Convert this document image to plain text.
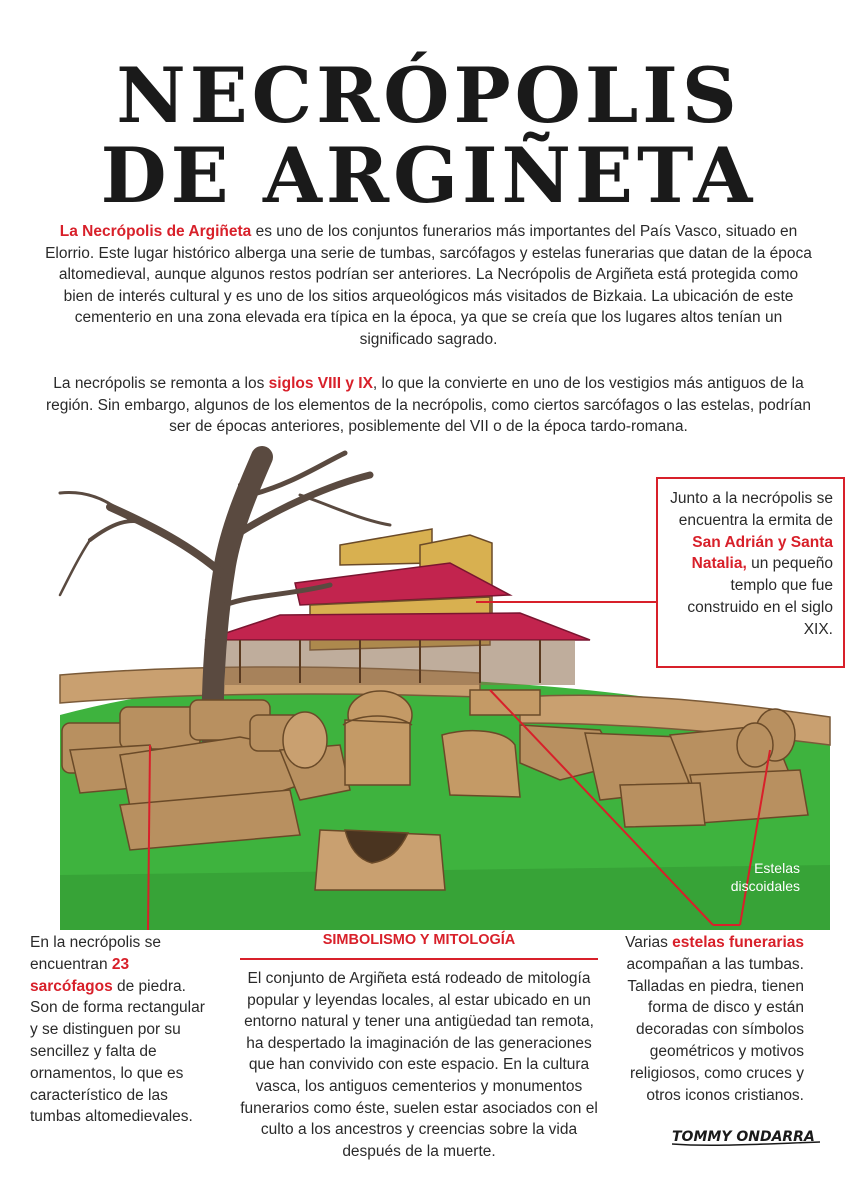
NECRÓPOLIS
DE ARGIÑETA

La Necrópolis de Argiñeta es uno de los conjuntos funerarios más importantes del País Vasco, situado en Elorrio. Este lugar histórico alberga una serie de tumbas, sarcófagos y estelas funerarias que datan de la época altomedieval, aunque algunos restos podrían ser anteriores. La Necrópolis de Argiñeta está protegida como bien de interés cultural y es uno de los sitios arqueológicos más visitados de Bizkaia. La ubicación de este cementerio en una zona elevada era típica en la época, ya que se creía que los lugares altos tenían un significado sagrado.

La necrópolis se remonta a los siglos VIII y IX, lo que la convierte en uno de los vestigios más antiguos de la región. Sin embargo, algunos de los elementos de la necrópolis, como ciertos sarcófagos o las estelas, podrían ser de épocas anteriores, posiblemente del VII o de la época tardo-romana.

Junto a la necrópolis se encuentra la ermita de San Adrián y Santa Natalia, un pequeño templo que fue construido en el siglo XIX.
Estelas discoidales

En la necrópolis se encuentran 23 sarcófagos de piedra. Son de forma rectangular y se distinguen por su sencillez y falta de ornamentos, lo que es característico de las tumbas altomedievales.

SIMBOLISMO Y MITOLOGÍA

El conjunto de Argiñeta está rodeado de mitología popular y leyendas locales, al estar ubicado en un entorno natural y tener una antigüedad tan remota, ha despertado la imaginación de las generaciones que han convivido con este espacio. En la cultura vasca, los antiguos cementerios y monumentos funerarios como éste, suelen estar asociados con el culto a los ancestros y creencias sobre la vida después de la muerte.

Varias estelas funerarias acompañan a las tumbas. Talladas en piedra, tienen forma de disco y están decoradas con símbolos geométricos y motivos religiosos, como cruces y otros iconos cristianos.

TOMMY ONDARRA
